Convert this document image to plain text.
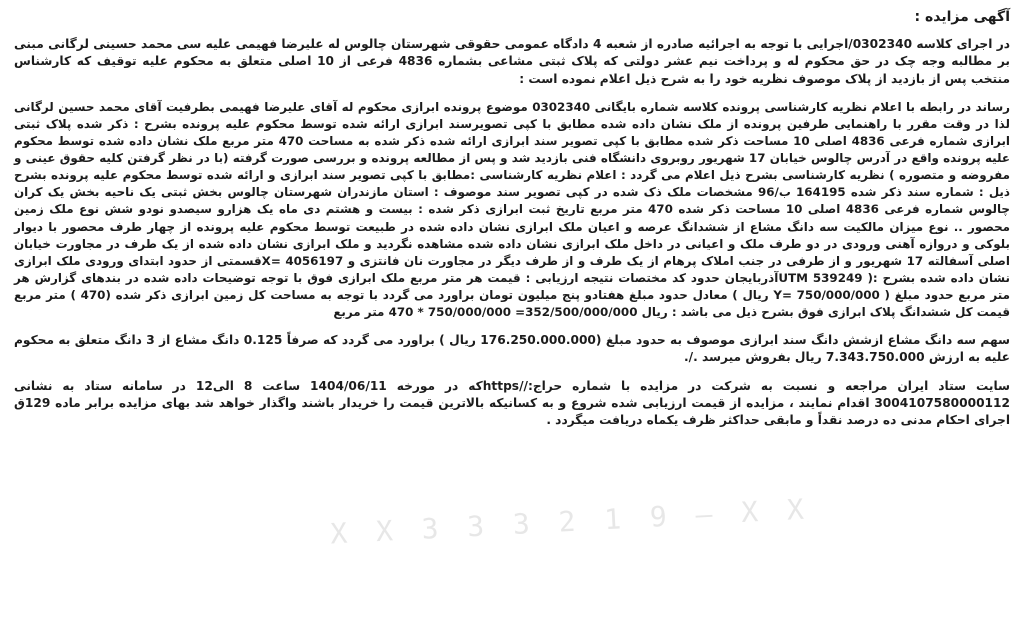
آگهی مزایده :

در اجرای کلاسه 0302340/اجرایی با توجه به اجرائیه صادره از شعبه 4 دادگاه عمومی حقوقی شهرستان چالوس له علیرضا فهیمی علیه سی محمد حسینی لرگانی مبنی بر مطالبه وجه چک در حق محکوم له و پرداخت نیم عشر دولتی که پلاک ثبتی مشاعی بشماره 4836 فرعی از 10 اصلی متعلق به محکوم علیه توقیف که کارشناس منتخب پس از بازدید از پلاک موصوف نظریه خود را به شرح ذیل اعلام نموده است :

رساند در رابطه با اعلام نظریه کارشناسی پرونده کلاسه شماره بایگانی 0302340 موضوع پرونده ابرازی محکوم له آقای علیرضا فهیمی بطرفیت آقای محمد حسین لرگانی لذا در وقت مقرر با راهنمایی طرفین پرونده از ملک نشان داده شده مطابق با کپی تصویرسند ابرازی ارائه شده توسط محکوم علیه پرونده بشرح : ذکر شده پلاک ثبتی ابرازی شماره فرعی 4836 اصلی 10 مساحت ذکر شده مطابق با کپی تصویر سند ابرازی ارائه شده ذکر شده به مساحت 470 متر مربع ملک نشان داده شده توسط محکوم علیه پرونده واقع در آدرس چالوس خیابان 17 شهریور روبروی دانشگاه فنی بازدید شد و پس از مطالعه پرونده و بررسی صورت گرفته (با در نظر گرفتن کلیه حقوق عینی و مفروضه و متصوره ) نظریه کارشناسی بشرح ذیل اعلام می گردد : اعلام نظریه کارشناسی :مطابق با کپی تصویر سند ابرازی و ارائه شده توسط محکوم علیه پرونده بشرح ذیل : شماره سند ذکر شده 164195 ب/96 مشخصات ملک ذک شده در کپی تصویر سند موصوف : استان مازندران شهرستان چالوس بخش ثبتی یک ناحیه بخش یک کران چالوس شماره فرعی 4836 اصلی 10 مساحت ذکر شده 470 متر مربع تاریخ ثبت ابرازی ذکر شده : بیست و هشتم دی ماه یک هزارو سیصدو نودو شش نوع ملک زمین محصور .. نوع میزان مالکیت سه دانگ مشاع از ششدانگ عرصه و اعیان ملک ابرازی نشان داده شده در طبیعت توسط محکوم علیه پرونده از چهار طرف محصور با دیوار بلوکی و دروازه آهنی ورودی در دو طرف ملک و اعیانی در داخل ملک ابرازی نشان داده شده مشاهده نگردید و ملک ابرازی نشان داده شده از یک طرف در مجاورت خیابان اصلی آسفالته 17 شهریور و از طرفی در جنب املاک پرهام از یک طرف و از طرف دیگر در مجاورت نان فانتزی و 4056197 =Xقسمتی از حدود ابتدای ورودی ملک ابرازی نشان داده شده بشرح :( 539249 UTMآذربایجان حدود کد مختصات نتیجه ارزیابی : قیمت هر متر مربع ملک ابرازی فوق با توجه توضیحات داده شده در بندهای گزارش هر متر مربع حدود مبلغ ( 750/000/000 =Y ریال ) معادل حدود مبلغ هفتادو پنج میلیون تومان براورد می گردد با توجه به مساحت کل زمین ابرازی ذکر شده (470 ) متر مربع قیمت کل ششدانگ پلاک ابرازی فوق بشرح ذیل می باشد : ریال 352/500/000/000= 750/000/000 * 470 متر مربع

سهم سه دانگ مشاع ازشش دانگ سند ابرازی موصوف به حدود مبلغ (176.250.000.000 ریال ) براورد می گردد که صرفاً 0.125 دانگ مشاع از 3 دانگ متعلق به محکوم علیه به ارزش 7.343.750.000 ریال بفروش میرسد ./.

سایت ستاد ایران مراجعه و نسبت به شرکت در مزایده با شماره حراج://httpsکه در مورخه 1404/06/11 ساعت 8 الی12 در سامانه ستاد به نشانی 3004107580000112 اقدام نمایند ، مزایده از قیمت ارزیابی شده شروع و به کسانیکه بالاترین قیمت را خریدار باشند واگذار خواهد شد بهای مزایده برابر ماده 129ق اجرای احکام مدنی ده درصد نقداً و مابقی حداکثر ظرف یکماه دریافت میگردد .

X X 3 3 3 2 1 9 — X X
